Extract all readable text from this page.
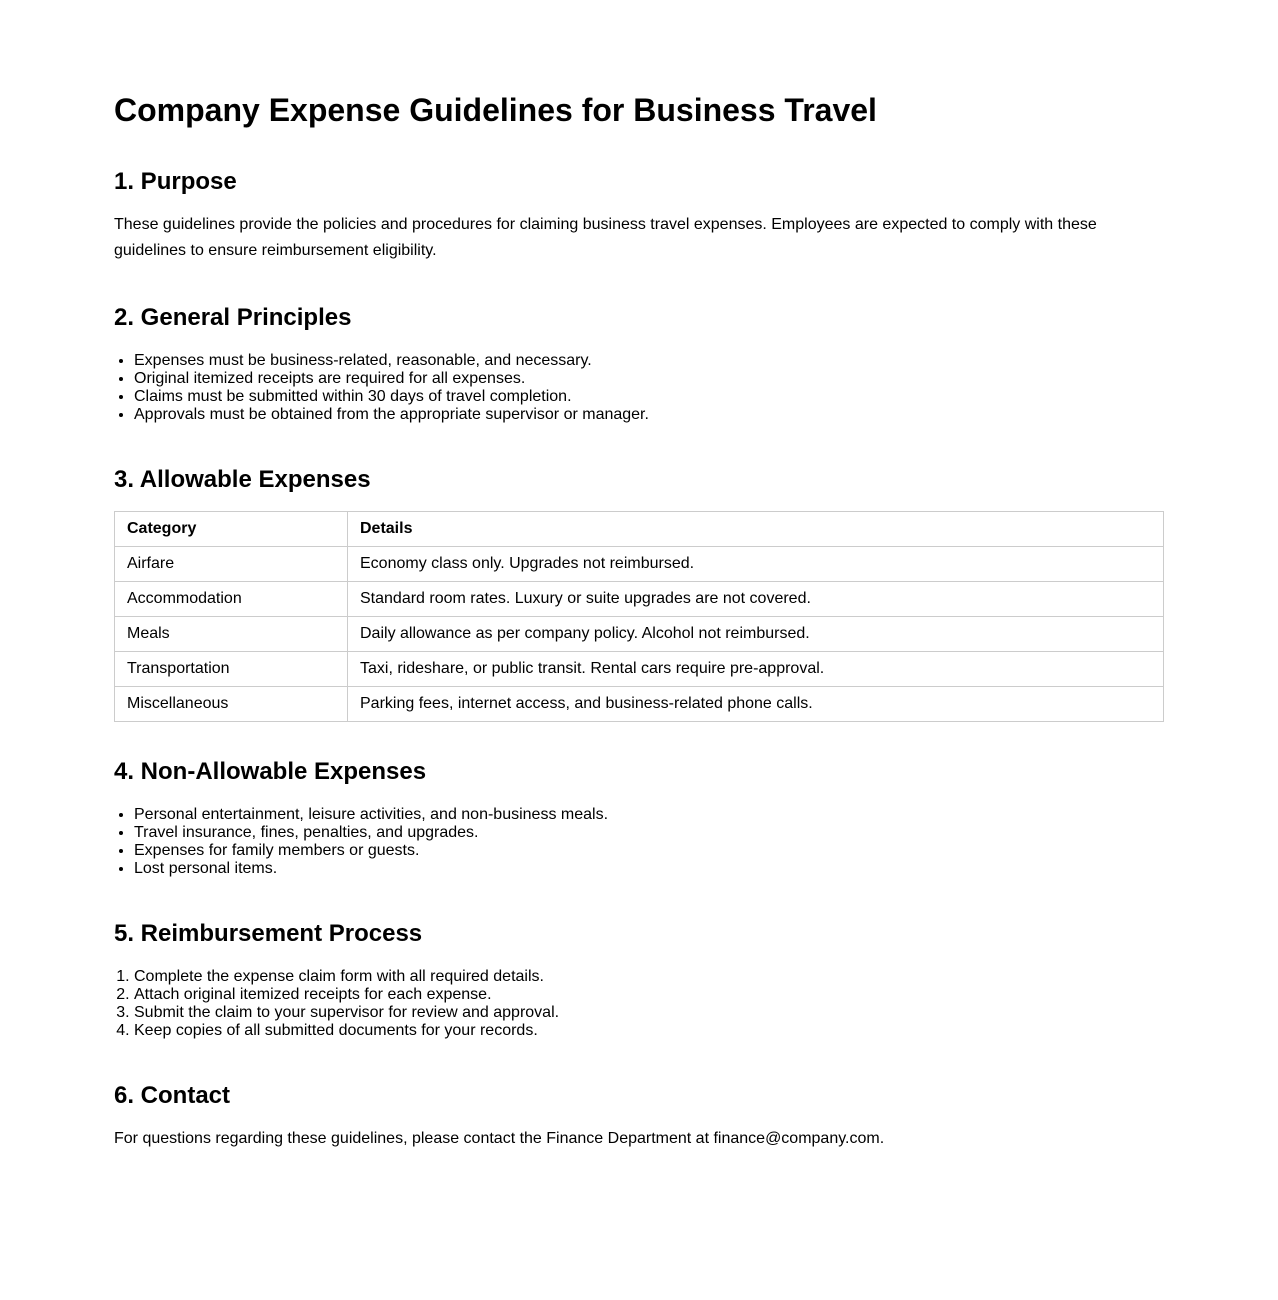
Company Expense Guidelines for Business Travel
1. Purpose

These guidelines provide the policies and procedures for claiming business travel expenses. Employees are expected to comply with these guidelines to ensure reimbursement eligibility.

2. General Principles
• Expenses must be business-related, reasonable, and necessary.
• Original itemized receipts are required for all expenses.
• Claims must be submitted within 30 days of travel completion.
• Approvals must be obtained from the appropriate supervisor or manager.
3. Allowable Expenses
Category	Details
Airfare	Economy class only. Upgrades not reimbursed.
Accommodation	Standard room rates. Luxury or suite upgrades are not covered.
Meals	Daily allowance as per company policy. Alcohol not reimbursed.
Transportation	Taxi, rideshare, or public transit. Rental cars require pre-approval.
Miscellaneous	Parking fees, internet access, and business-related phone calls.
4. Non-Allowable Expenses
• Personal entertainment, leisure activities, and non-business meals.
• Travel insurance, fines, penalties, and upgrades.
• Expenses for family members or guests.
• Lost personal items.
5. Reimbursement Process
1. Complete the expense claim form with all required details.
2. Attach original itemized receipts for each expense.
3. Submit the claim to your supervisor for review and approval.
4. Keep copies of all submitted documents for your records.
6. Contact

For questions regarding these guidelines, please contact the Finance Department at finance@company.com.
